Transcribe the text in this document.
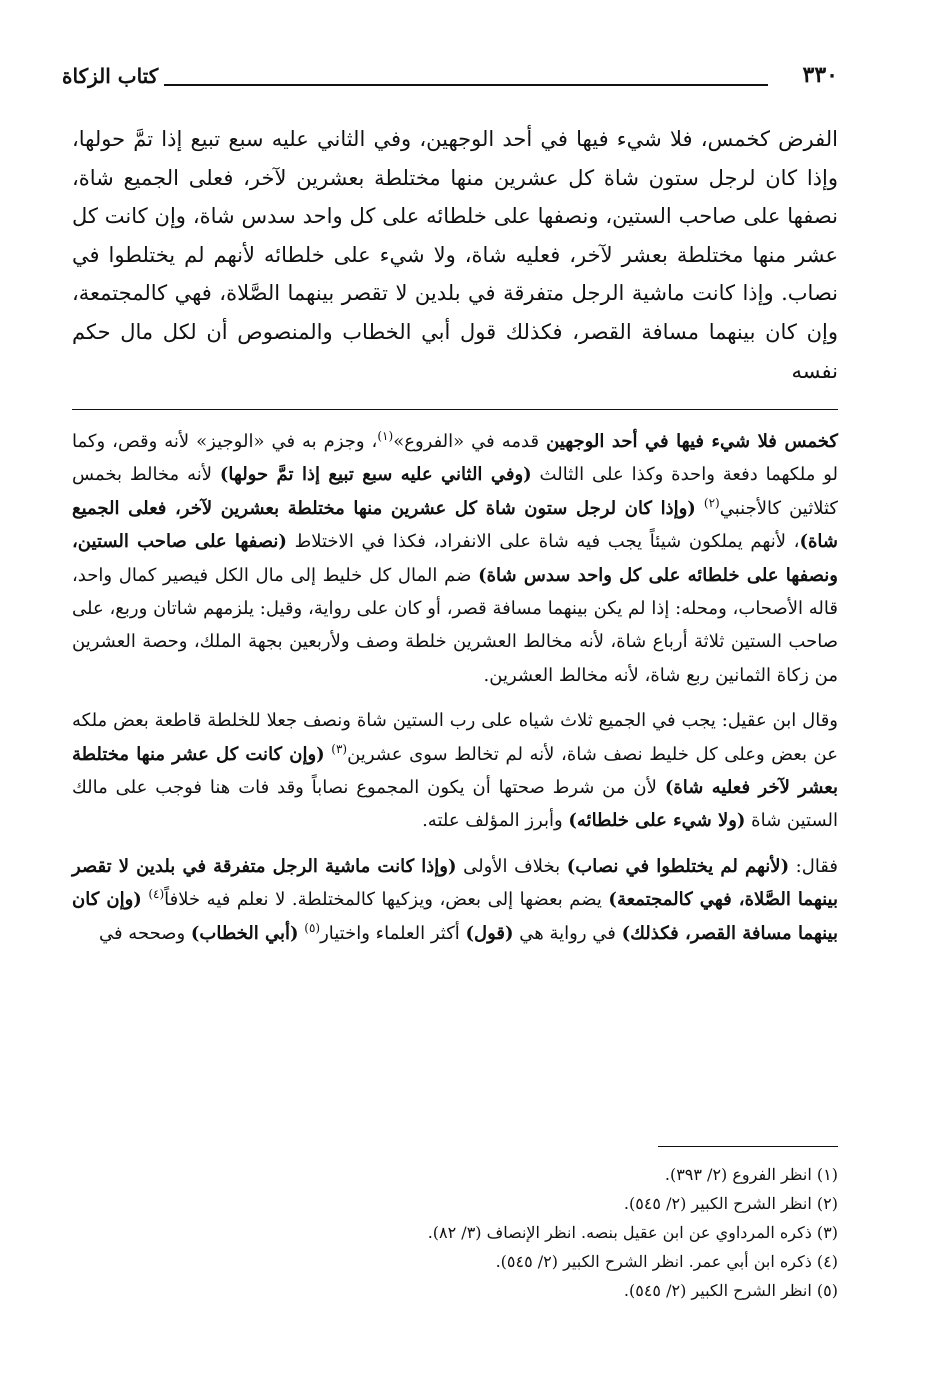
كتاب الزكاة	٣٣٠

الفرض كخمس، فلا شيء فيها في أحد الوجهين، وفي الثاني عليه سبع تبيع إذا تمَّ حولها، وإذا كان لرجل ستون شاة كل عشرين منها مختلطة بعشرين لآخر، فعلى الجميع شاة، نصفها على صاحب الستين، ونصفها على خلطائه على كل واحد سدس شاة، وإن كانت كل عشر منها مختلطة بعشر لآخر، فعليه شاة، ولا شيء على خلطائه لأنهم لم يختلطوا في نصاب. وإذا كانت ماشية الرجل متفرقة في بلدين لا تقصر بينهما الصَّلاة، فهي كالمجتمعة، وإن كان بينهما مسافة القصر، فكذلك قول أبي الخطاب والمنصوص أن لكل مال حكم نفسه

كخمس فلا شيء فيها في أحد الوجهين قدمه في «الفروع»$^{(١)}$، وجزم به في «الوجيز» لأنه وقص، وكما لو ملكهما دفعة واحدة وكذا على الثالث (وفي الثاني عليه سبع تبيع إذا تمَّ حولها) لأنه مخالط بخمس كثلاثين كالأجنبي$^{(٢)}$ (وإذا كان لرجل ستون شاة كل عشرين منها مختلطة بعشرين لآخر، فعلى الجميع شاة)، لأنهم يملكون شيئاً يجب فيه شاة على الانفراد، فكذا في الاختلاط (نصفها على صاحب الستين، ونصفها على خلطائه على كل واحد سدس شاة) ضم المال كل خليط إلى مال الكل فيصير كمال واحد، قاله الأصحاب، ومحله: إذا لم يكن بينهما مسافة قصر، أو كان على رواية، وقيل: يلزمهم شاتان وربع، على صاحب الستين ثلاثة أرباع شاة، لأنه مخالط العشرين خلطة وصف ولأربعين بجهة الملك، وحصة العشرين من زكاة الثمانين ربع شاة، لأنه مخالط العشرين.

وقال ابن عقيل: يجب في الجميع ثلاث شياه على رب الستين شاة ونصف جعلا للخلطة قاطعة بعض ملكه عن بعض وعلى كل خليط نصف شاة، لأنه لم تخالط سوى عشرين$^{(٣)}$ (وإن كانت كل عشر منها مختلطة بعشر لآخر فعليه شاة) لأن من شرط صحتها أن يكون المجموع نصاباً وقد فات هنا فوجب على مالك الستين شاة (ولا شيء على خلطائه) وأبرز المؤلف علته.

فقال: (لأنهم لم يختلطوا في نصاب) بخلاف الأولى (وإذا كانت ماشية الرجل متفرقة في بلدين لا تقصر بينهما الصَّلاة، فهي كالمجتمعة) يضم بعضها إلى بعض، ويزكيها كالمختلطة. لا نعلم فيه خلافاً$^{(٤)}$ (وإن كان بينهما مسافة القصر، فكذلك) في رواية هي (قول) أكثر العلماء واختيار$^{(٥)}$ (أبي الخطاب) وصححه في

(١) انظر الفروع (٢/ ٣٩٣).
(٢) انظر الشرح الكبير (٢/ ٥٤٥).
(٣) ذكره المرداوي عن ابن عقيل بنصه. انظر الإنصاف (٣/ ٨٢).
(٤) ذكره ابن أبي عمر. انظر الشرح الكبير (٢/ ٥٤٥).
(٥) انظر الشرح الكبير (٢/ ٥٤٥).
